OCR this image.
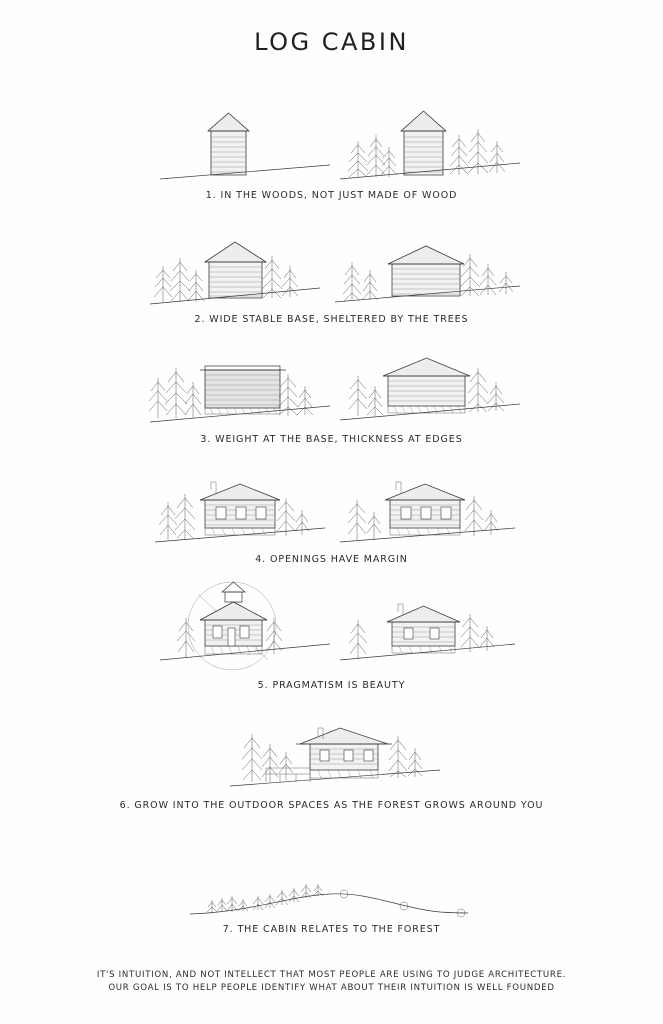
LOG CABIN
1. IN THE WOODS, NOT JUST MADE OF WOOD
2. WIDE STABLE BASE, SHELTERED BY THE TREES
3. WEIGHT AT THE BASE, THICKNESS AT EDGES
4. OPENINGS HAVE MARGIN
5. PRAGMATISM IS BEAUTY
6. GROW INTO THE OUTDOOR SPACES AS THE FOREST GROWS AROUND YOU
7. THE CABIN RELATES TO THE FOREST
IT'S INTUITION, AND NOT INTELLECT THAT MOST PEOPLE ARE USING TO JUDGE ARCHITECTURE.
OUR GOAL IS TO HELP PEOPLE IDENTIFY WHAT ABOUT THEIR INTUITION IS WELL FOUNDED
